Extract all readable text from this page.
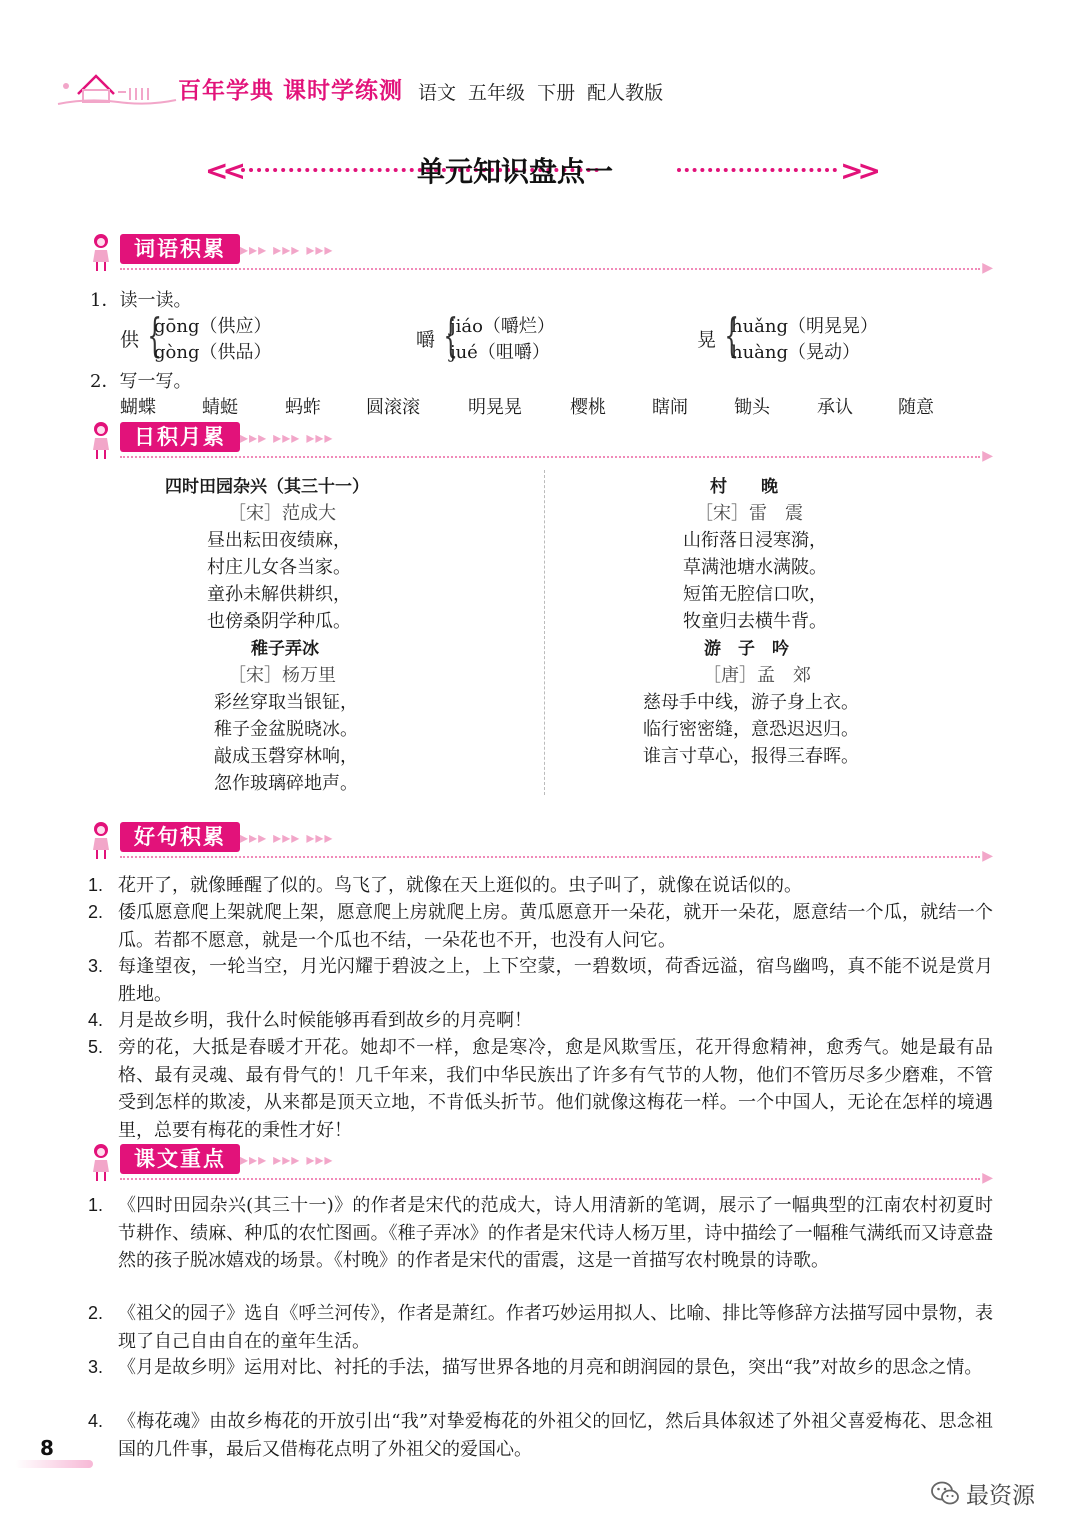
百年学典 课时学练测 语文 五年级 下册 配人教版
<<	单元知识盘点一	>>
词语积累 ▸▸▸ ▸▸▸ ▸▸▸
▶
1．读一读。
供 {
gōng（供应）
gòng（供品）
嚼 {
jiáo（嚼烂）
jué（咀嚼）
晃 {
huǎng（明晃晃）
huàng（晃动）
2．写一写。
蝴蝶	蜻蜓	蚂蚱	圆滚滚	明晃晃	樱桃	瞎闹	锄头	承认	随意
日积月累 ▸▸▸ ▸▸▸ ▸▸▸
▶
四时田园杂兴（其三十一）
［宋］范成大
昼出耘田夜绩麻，
村庄儿女各当家。
童孙未解供耕织，
也傍桑阴学种瓜。
稚子弄冰
［宋］杨万里
彩丝穿取当银钲，
稚子金盆脱晓冰。
敲成玉磬穿林响，
忽作玻璃碎地声。
村　　晚
［宋］雷　震
山衔落日浸寒漪，
草满池塘水满陂。
短笛无腔信口吹，
牧童归去横牛背。
游　子　吟
［唐］孟　郊
慈母手中线，游子身上衣。
临行密密缝，意恐迟迟归。
谁言寸草心，报得三春晖。
好句积累 ▸▸▸ ▸▸▸ ▸▸▸
▶
1. 花开了，就像睡醒了似的。鸟飞了，就像在天上逛似的。虫子叫了，就像在说话似的。
2. 倭瓜愿意爬上架就爬上架，愿意爬上房就爬上房。黄瓜愿意开一朵花，就开一朵花，愿意结一个瓜，就结一个瓜。若都不愿意，就是一个瓜也不结，一朵花也不开，也没有人问它。
3. 每逢望夜，一轮当空，月光闪耀于碧波之上，上下空蒙，一碧数顷，荷香远溢，宿鸟幽鸣，真不能不说是赏月胜地。
4. 月是故乡明，我什么时候能够再看到故乡的月亮啊！
5. 旁的花，大抵是春暖才开花。她却不一样，愈是寒冷，愈是风欺雪压，花开得愈精神，愈秀气。她是最有品格、最有灵魂、最有骨气的！几千年来，我们中华民族出了许多有气节的人物，他们不管历尽多少磨难，不管受到怎样的欺凌，从来都是顶天立地，不肯低头折节。他们就像这梅花一样。一个中国人，无论在怎样的境遇里，总要有梅花的秉性才好！
课文重点 ▸▸▸ ▸▸▸ ▸▸▸
▶
1. 《四时田园杂兴(其三十一)》的作者是宋代的范成大，诗人用清新的笔调，展示了一幅典型的江南农村初夏时节耕作、绩麻、种瓜的农忙图画。《稚子弄冰》的作者是宋代诗人杨万里，诗中描绘了一幅稚气满纸而又诗意盎然的孩子脱冰嬉戏的场景。《村晚》的作者是宋代的雷震，这是一首描写农村晚景的诗歌。
2. 《祖父的园子》选自《呼兰河传》，作者是萧红。作者巧妙运用拟人、比喻、排比等修辞方法描写园中景物，表现了自己自由自在的童年生活。
3. 《月是故乡明》运用对比、衬托的手法，描写世界各地的月亮和朗润园的景色，突出“我”对故乡的思念之情。
4. 《梅花魂》由故乡梅花的开放引出“我”对挚爱梅花的外祖父的回忆，然后具体叙述了外祖父喜爱梅花、思念祖国的几件事，最后又借梅花点明了外祖父的爱国心。
8
最资源
